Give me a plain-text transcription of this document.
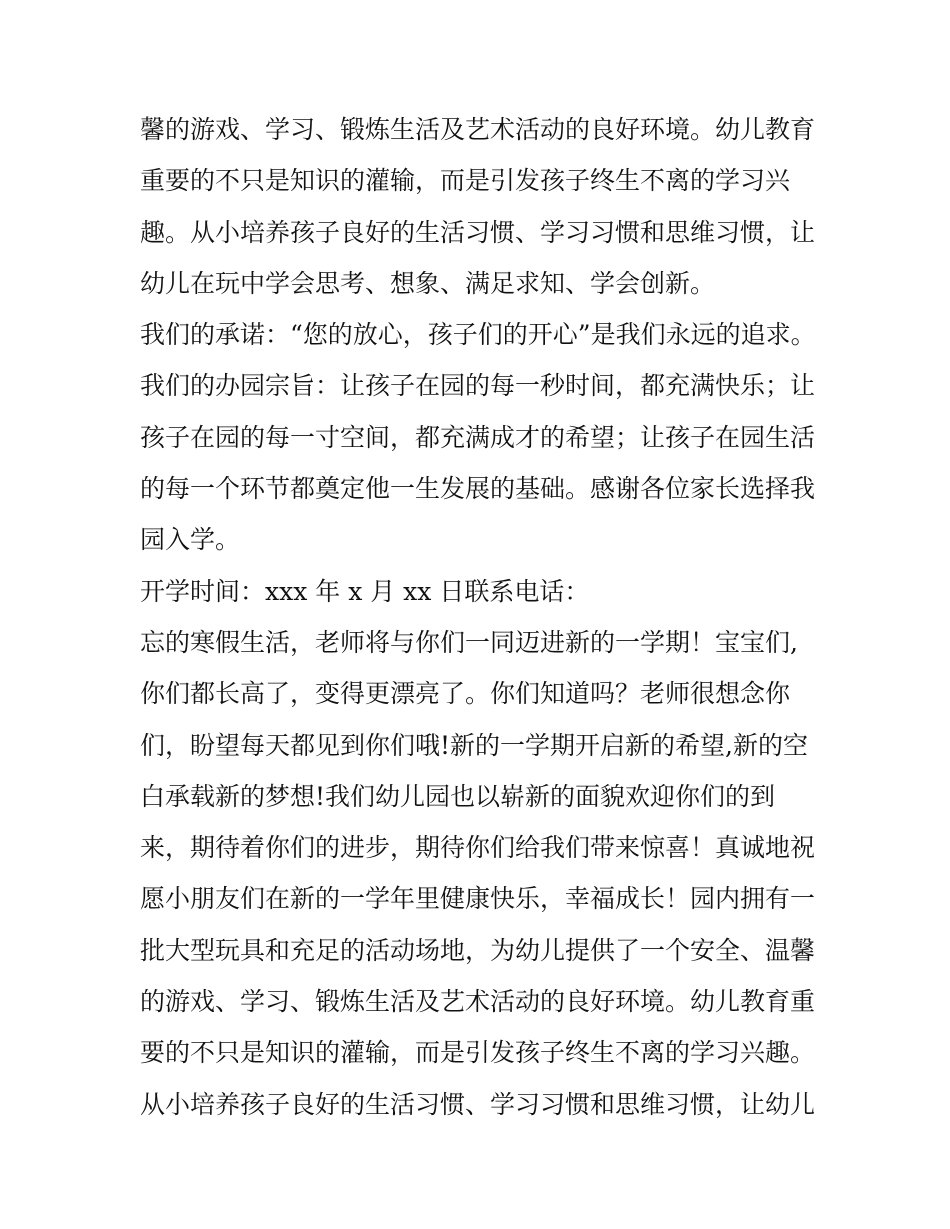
馨的游戏、学习、锻炼生活及艺术活动的良好环境。幼儿教育
重要的不只是知识的灌输，而是引发孩子终生不离的学习兴
趣。从小培养孩子良好的生活习惯、学习习惯和思维习惯，让
幼儿在玩中学会思考、想象、满足求知、学会创新。
我们的承诺：“您的放心，孩子们的开心”是我们永远的追求。
我们的办园宗旨：让孩子在园的每一秒时间，都充满快乐；让
孩子在园的每一寸空间，都充满成才的希望；让孩子在园生活
的每一个环节都奠定他一生发展的基础。感谢各位家长选择我
园入学。
开学时间：xxx 年 x 月 xx 日联系电话：
忘的寒假生活，老师将与你们一同迈进新的一学期！宝宝们,
你们都长高了，变得更漂亮了。你们知道吗？老师很想念你
们，盼望每天都见到你们哦!新的一学期开启新的希望,新的空
白承载新的梦想!我们幼儿园也以崭新的面貌欢迎你们的到
来，期待着你们的进步，期待你们给我们带来惊喜！真诚地祝
愿小朋友们在新的一学年里健康快乐，幸福成长！园内拥有一
批大型玩具和充足的活动场地，为幼儿提供了一个安全、温馨
的游戏、学习、锻炼生活及艺术活动的良好环境。幼儿教育重
要的不只是知识的灌输，而是引发孩子终生不离的学习兴趣。
从小培养孩子良好的生活习惯、学习习惯和思维习惯，让幼儿
